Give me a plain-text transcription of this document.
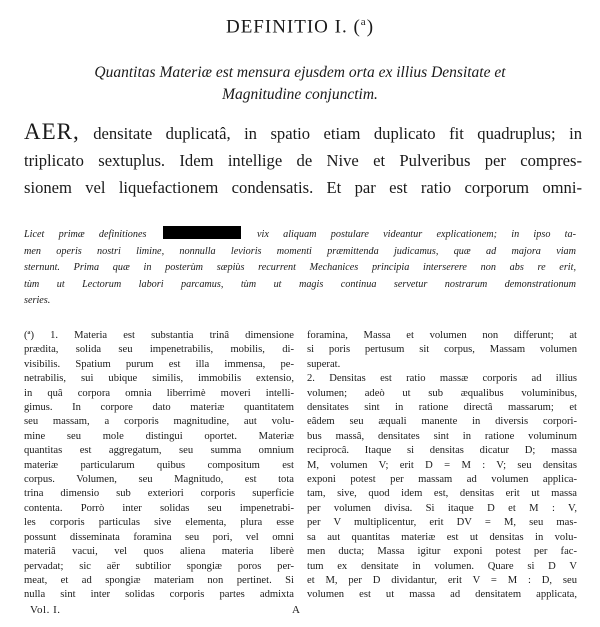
DEFINITIO I. ($^a$)
Quantitas Materiæ est mensura ejusdem orta ex illius Densitate et
Magnitudine conjunctim.
AER, densitate duplicatâ, in spatio etiam duplicato fit quadruplus; in
triplicato sextuplus. Idem intellige de Nive et Pulveribus per compres-
sionem vel liquefactionem condensatis. Et par est ratio corporum omni-
Licet primæ definitiones	vix aliquam postulare videantur explicationem; in ipso ta-
men operis nostri limine, nonnulla levioris momenti præmittenda judicamus, quæ ad majora viam
sternunt. Prima quæ in posterùm sæpiùs recurrent Mechanices principia interserere non abs re erit,
tùm ut Lectorum labori parcamus, tùm ut magis continua servetur nostrarum demonstrationum
series.
(ª) 1. Materia est substantia trinâ dimensione
prædita, solida seu impenetrabilis, mobilis, di-
visibilis. Spatium purum est illa immensa, pe-
netrabilis, sui ubique similis, immobilis extensio,
in quâ corpora omnia liberrimè moveri intelli-
gimus. In corpore dato materiæ quantitatem
seu massam, a corporis magnitudine, aut volu-
mine seu mole distingui oportet. Materiæ
quantitas est aggregatum, seu summa omnium
materiæ particularum quibus compositum est
corpus. Volumen, seu Magnitudo, est tota
trina dimensio sub exteriori corporis superficie
contenta. Porrò inter solidas seu impenetrabi-
les corporis particulas sive elementa, plura esse
possunt disseminata foramina seu pori, vel omni
materiâ vacui, vel quos aliena materia liberè
pervadat; sic aër subtilior spongiæ poros per-
meat, et ad spongiæ materiam non pertinet. Si
nulla sint inter solidas corporis partes admixta
foramina, Massa et volumen non differunt; at
si poris pertusum sit corpus, Massam volumen
superat.
2. Densitas est ratio massæ corporis ad illius
volumen; adeò ut sub æqualibus voluminibus,
densitates sint in ratione directâ massarum; et
eâdem seu æquali manente in diversis corpori-
bus massâ, densitates sint in ratione voluminum
reciprocâ. Itaque si densitas dicatur D; massa
M, volumen V; erit D = M : V; seu densitas
exponi potest per massam ad volumen applica-
tam, sive, quod idem est, densitas erit ut massa
per volumen divisa. Si itaque D et M : V,
per V multiplicentur, erit DV = M, seu mas-
sa aut quantitas materiæ est ut densitas in volu-
men ducta; Massa igitur exponi potest per fac-
tum ex densitate in volumen. Quare si D V
et M, per D dividantur, erit V = M : D, seu
volumen est ut massa ad densitatem applicata,
Vol. I.	A
